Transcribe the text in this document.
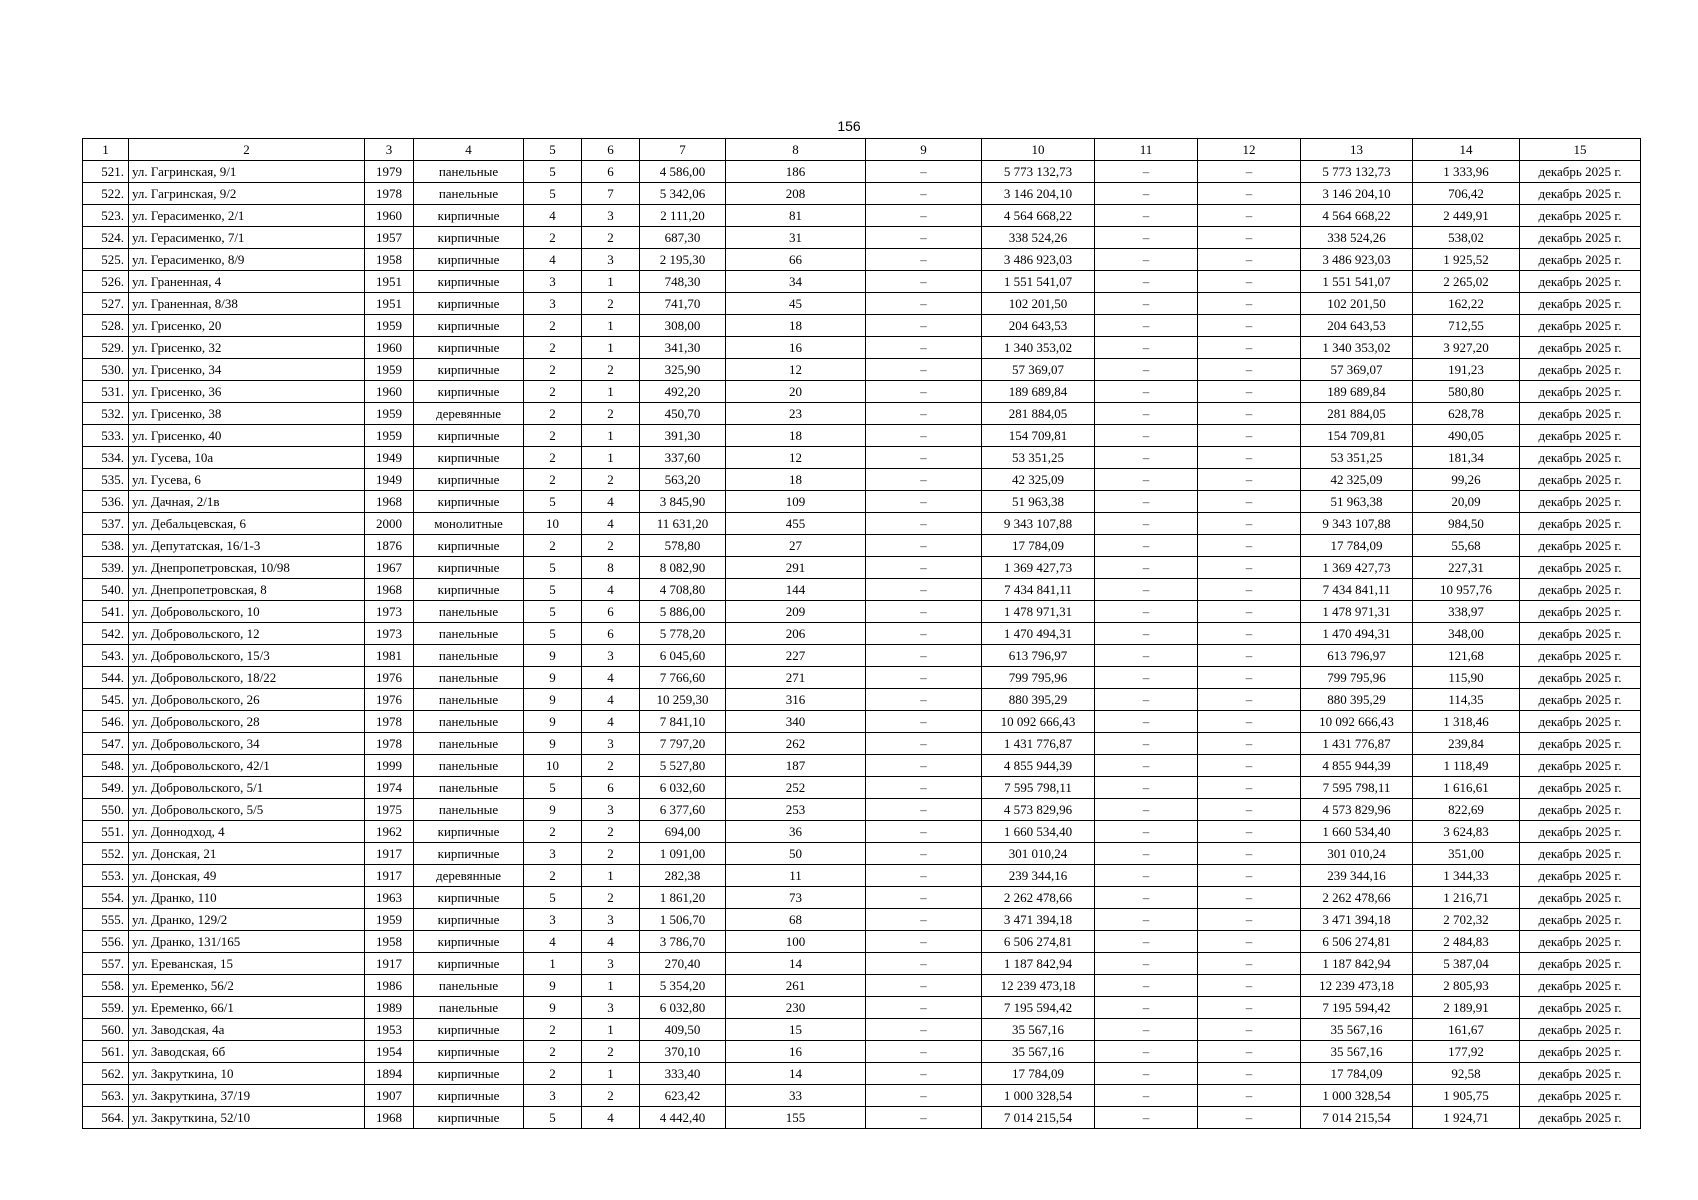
156
1	2	3	4	5	6	7	8	9	10	11	12	13	14	15
521.	ул. Гагринская, 9/1	1979	панельные	5	6	4 586,00	186	–	5 773 132,73	–	–	5 773 132,73	1 333,96	декабрь 2025 г.
522.	ул. Гагринская, 9/2	1978	панельные	5	7	5 342,06	208	–	3 146 204,10	–	–	3 146 204,10	706,42	декабрь 2025 г.
523.	ул. Герасименко, 2/1	1960	кирпичные	4	3	2 111,20	81	–	4 564 668,22	–	–	4 564 668,22	2 449,91	декабрь 2025 г.
524.	ул. Герасименко, 7/1	1957	кирпичные	2	2	687,30	31	–	338 524,26	–	–	338 524,26	538,02	декабрь 2025 г.
525.	ул. Герасименко, 8/9	1958	кирпичные	4	3	2 195,30	66	–	3 486 923,03	–	–	3 486 923,03	1 925,52	декабрь 2025 г.
526.	ул. Граненная, 4	1951	кирпичные	3	1	748,30	34	–	1 551 541,07	–	–	1 551 541,07	2 265,02	декабрь 2025 г.
527.	ул. Граненная, 8/38	1951	кирпичные	3	2	741,70	45	–	102 201,50	–	–	102 201,50	162,22	декабрь 2025 г.
528.	ул. Грисенко, 20	1959	кирпичные	2	1	308,00	18	–	204 643,53	–	–	204 643,53	712,55	декабрь 2025 г.
529.	ул. Грисенко, 32	1960	кирпичные	2	1	341,30	16	–	1 340 353,02	–	–	1 340 353,02	3 927,20	декабрь 2025 г.
530.	ул. Грисенко, 34	1959	кирпичные	2	2	325,90	12	–	57 369,07	–	–	57 369,07	191,23	декабрь 2025 г.
531.	ул. Грисенко, 36	1960	кирпичные	2	1	492,20	20	–	189 689,84	–	–	189 689,84	580,80	декабрь 2025 г.
532.	ул. Грисенко, 38	1959	деревянные	2	2	450,70	23	–	281 884,05	–	–	281 884,05	628,78	декабрь 2025 г.
533.	ул. Грисенко, 40	1959	кирпичные	2	1	391,30	18	–	154 709,81	–	–	154 709,81	490,05	декабрь 2025 г.
534.	ул. Гусева, 10а	1949	кирпичные	2	1	337,60	12	–	53 351,25	–	–	53 351,25	181,34	декабрь 2025 г.
535.	ул. Гусева, 6	1949	кирпичные	2	2	563,20	18	–	42 325,09	–	–	42 325,09	99,26	декабрь 2025 г.
536.	ул. Дачная, 2/1в	1968	кирпичные	5	4	3 845,90	109	–	51 963,38	–	–	51 963,38	20,09	декабрь 2025 г.
537.	ул. Дебальцевская, 6	2000	монолитные	10	4	11 631,20	455	–	9 343 107,88	–	–	9 343 107,88	984,50	декабрь 2025 г.
538.	ул. Депутатская, 16/1-3	1876	кирпичные	2	2	578,80	27	–	17 784,09	–	–	17 784,09	55,68	декабрь 2025 г.
539.	ул. Днепропетровская, 10/98	1967	кирпичные	5	8	8 082,90	291	–	1 369 427,73	–	–	1 369 427,73	227,31	декабрь 2025 г.
540.	ул. Днепропетровская, 8	1968	кирпичные	5	4	4 708,80	144	–	7 434 841,11	–	–	7 434 841,11	10 957,76	декабрь 2025 г.
541.	ул. Добровольского, 10	1973	панельные	5	6	5 886,00	209	–	1 478 971,31	–	–	1 478 971,31	338,97	декабрь 2025 г.
542.	ул. Добровольского, 12	1973	панельные	5	6	5 778,20	206	–	1 470 494,31	–	–	1 470 494,31	348,00	декабрь 2025 г.
543.	ул. Добровольского, 15/3	1981	панельные	9	3	6 045,60	227	–	613 796,97	–	–	613 796,97	121,68	декабрь 2025 г.
544.	ул. Добровольского, 18/22	1976	панельные	9	4	7 766,60	271	–	799 795,96	–	–	799 795,96	115,90	декабрь 2025 г.
545.	ул. Добровольского, 26	1976	панельные	9	4	10 259,30	316	–	880 395,29	–	–	880 395,29	114,35	декабрь 2025 г.
546.	ул. Добровольского, 28	1978	панельные	9	4	7 841,10	340	–	10 092 666,43	–	–	10 092 666,43	1 318,46	декабрь 2025 г.
547.	ул. Добровольского, 34	1978	панельные	9	3	7 797,20	262	–	1 431 776,87	–	–	1 431 776,87	239,84	декабрь 2025 г.
548.	ул. Добровольского, 42/1	1999	панельные	10	2	5 527,80	187	–	4 855 944,39	–	–	4 855 944,39	1 118,49	декабрь 2025 г.
549.	ул. Добровольского, 5/1	1974	панельные	5	6	6 032,60	252	–	7 595 798,11	–	–	7 595 798,11	1 616,61	декабрь 2025 г.
550.	ул. Добровольского, 5/5	1975	панельные	9	3	6 377,60	253	–	4 573 829,96	–	–	4 573 829,96	822,69	декабрь 2025 г.
551.	ул. Доннодход, 4	1962	кирпичные	2	2	694,00	36	–	1 660 534,40	–	–	1 660 534,40	3 624,83	декабрь 2025 г.
552.	ул. Донская, 21	1917	кирпичные	3	2	1 091,00	50	–	301 010,24	–	–	301 010,24	351,00	декабрь 2025 г.
553.	ул. Донская, 49	1917	деревянные	2	1	282,38	11	–	239 344,16	–	–	239 344,16	1 344,33	декабрь 2025 г.
554.	ул. Дранко, 110	1963	кирпичные	5	2	1 861,20	73	–	2 262 478,66	–	–	2 262 478,66	1 216,71	декабрь 2025 г.
555.	ул. Дранко, 129/2	1959	кирпичные	3	3	1 506,70	68	–	3 471 394,18	–	–	3 471 394,18	2 702,32	декабрь 2025 г.
556.	ул. Дранко, 131/165	1958	кирпичные	4	4	3 786,70	100	–	6 506 274,81	–	–	6 506 274,81	2 484,83	декабрь 2025 г.
557.	ул. Ереванская, 15	1917	кирпичные	1	3	270,40	14	–	1 187 842,94	–	–	1 187 842,94	5 387,04	декабрь 2025 г.
558.	ул. Еременко, 56/2	1986	панельные	9	1	5 354,20	261	–	12 239 473,18	–	–	12 239 473,18	2 805,93	декабрь 2025 г.
559.	ул. Еременко, 66/1	1989	панельные	9	3	6 032,80	230	–	7 195 594,42	–	–	7 195 594,42	2 189,91	декабрь 2025 г.
560.	ул. Заводская, 4а	1953	кирпичные	2	1	409,50	15	–	35 567,16	–	–	35 567,16	161,67	декабрь 2025 г.
561.	ул. Заводская, 6б	1954	кирпичные	2	2	370,10	16	–	35 567,16	–	–	35 567,16	177,92	декабрь 2025 г.
562.	ул. Закруткина, 10	1894	кирпичные	2	1	333,40	14	–	17 784,09	–	–	17 784,09	92,58	декабрь 2025 г.
563.	ул. Закруткина, 37/19	1907	кирпичные	3	2	623,42	33	–	1 000 328,54	–	–	1 000 328,54	1 905,75	декабрь 2025 г.
564.	ул. Закруткина, 52/10	1968	кирпичные	5	4	4 442,40	155	–	7 014 215,54	–	–	7 014 215,54	1 924,71	декабрь 2025 г.
